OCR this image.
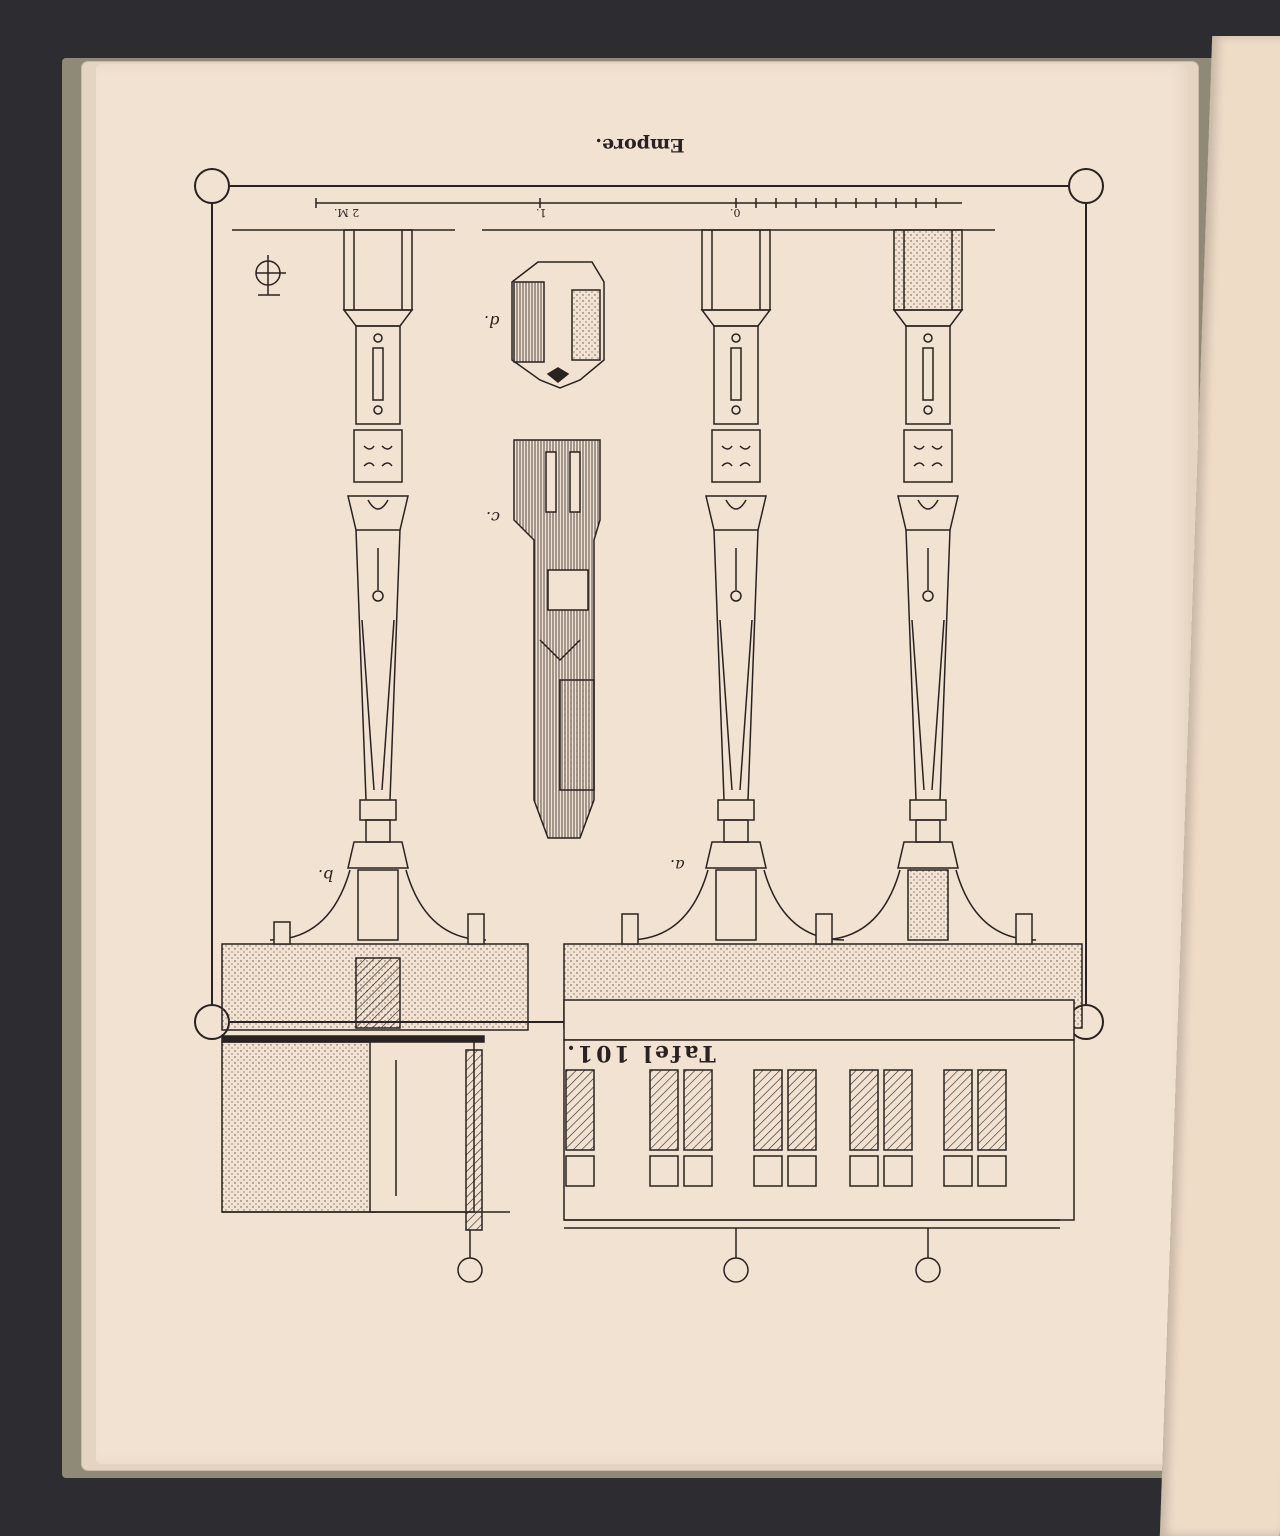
Empore.
Tafel 101.
d.
c.
b.
a.
2 M.	1.	0.
